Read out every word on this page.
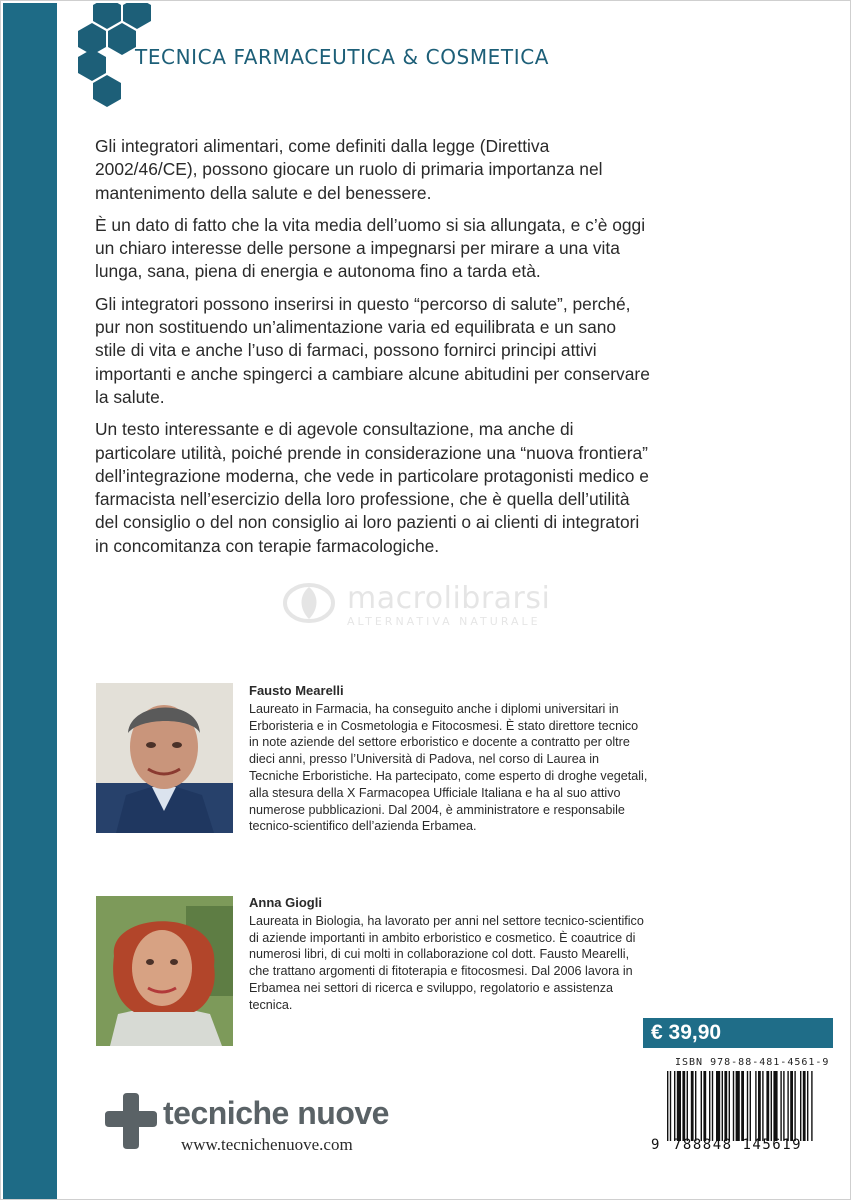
TECNICA FARMACEUTICA & COSMETICA

Gli integratori alimentari, come definiti dalla legge (Direttiva 2002/46/CE), possono giocare un ruolo di primaria importanza nel mantenimento della salute e del benessere.

È un dato di fatto che la vita media dell’uomo si sia allungata, e c’è oggi un chiaro interesse delle persone a impegnarsi per mirare a una vita lunga, sana, piena di energia e autonoma fino a tarda età.

Gli integratori possono inserirsi in questo “percorso di salute”, perché, pur non sostituendo un’alimentazione varia ed equilibrata e un sano stile di vita e anche l’uso di farmaci, possono fornirci principi attivi importanti e anche spingerci a cambiare alcune abitudini per conservare la salute.

Un testo interessante e di agevole consultazione, ma anche di particolare utilità, poiché prende in considerazione una “nuova frontiera” dell’integrazione moderna, che vede in particolare protagonisti medico e farmacista nell’esercizio della loro professione, che è quella dell’utilità del consiglio o del non consiglio ai loro pazienti o ai clienti di integratori in concomitanza con terapie farmacologiche.

macrolibrarsi
ALTERNATIVA NATURALE
Fausto Mearelli
Laureato in Farmacia, ha conseguito anche i diplomi universitari in Erboristeria e in Cosmetologia e Fitocosmesi. È stato direttore tecnico in note aziende del settore erboristico e docente a contratto per oltre dieci anni, presso l’Università di Padova, nel corso di Laurea in Tecniche Erboristiche. Ha partecipato, come esperto di droghe vegetali, alla stesura della X Farmacopea Ufficiale Italiana e ha al suo attivo numerose pubblicazioni. Dal 2004, è amministratore e responsabile tecnico-scientifico dell’azienda Erbamea.
Anna Giogli
Laureata in Biologia, ha lavorato per anni nel settore tecnico-scientifico di aziende importanti in ambito erboristico e cosmetico. È coautrice di numerosi libri, di cui molti in collaborazione col dott. Fausto Mearelli, che trattano argomenti di fitoterapia e fitocosmesi. Dal 2006 lavora in Erbamea nei settori di ricerca e sviluppo, regolatorio e assistenza tecnica.
€ 39,90
ISBN 978-88-481-4561-9
9 788848 145619
tecniche nuove
www.tecnichenuove.com
